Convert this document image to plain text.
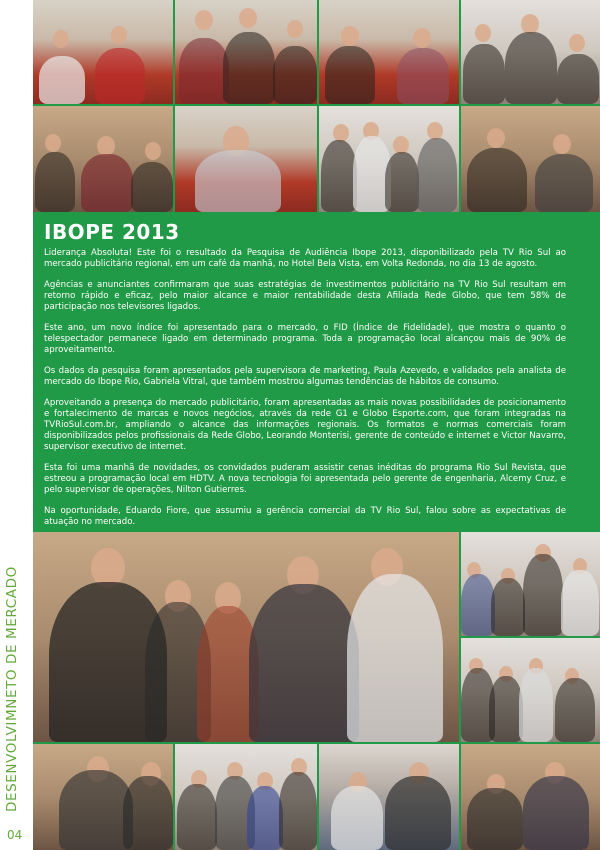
DESENVOLVIMNETO DE MERCADO
04
IBOPE 2013

Liderança Absoluta! Este foi o resultado da Pesquisa de Audiência Ibope 2013, disponibilizado pela TV Rio Sul ao mercado publicitário regional, em um café da manhã, no Hotel Bela Vista, em Volta Redonda, no dia 13 de agosto.

Agências e anunciantes confirmaram que suas estratégias de investimentos publicitário na TV Rio Sul resultam em retorno rápido e eficaz, pelo maior alcance e maior rentabilidade desta Afiliada Rede Globo, que tem 58% de participação nos televisores ligados.

Este ano, um novo índice foi apresentado para o mercado, o FID (Índice de Fidelidade), que mostra o quanto o telespectador permanece ligado em determinado programa. Toda a programação local alcançou mais de 90% de aproveitamento.

Os dados da pesquisa foram apresentados pela supervisora de marketing, Paula Azevedo, e validados pela analista de mercado do Ibope Rio, Gabriela Vitral, que também mostrou algumas tendências de hábitos de consumo.

Aproveitando a presença do mercado publicitário, foram apresentadas as mais novas possibilidades de posicionamento e fortalecimento de marcas e novos negócios, através da rede G1 e Globo Esporte.com, que foram integradas na TVRioSul.com.br, ampliando o alcance das informações regionais. Os formatos e normas comerciais foram disponibilizados pelos profissionais da Rede Globo, Leorando Monterisi, gerente de conteúdo e internet e Victor Navarro, supervisor executivo de internet.

Esta foi uma manhã de novidades, os convidados puderam assistir cenas inéditas do programa Rio Sul Revista, que estreou a programação local em HDTV. A nova tecnologia foi apresentada pelo gerente de engenharia, Alcemy Cruz, e pelo supervisor de operações, Nilton Gutierres.

Na oportunidade, Eduardo Fiore, que assumiu a gerência comercial da TV Rio Sul, falou sobre as expectativas de atuação no mercado.
